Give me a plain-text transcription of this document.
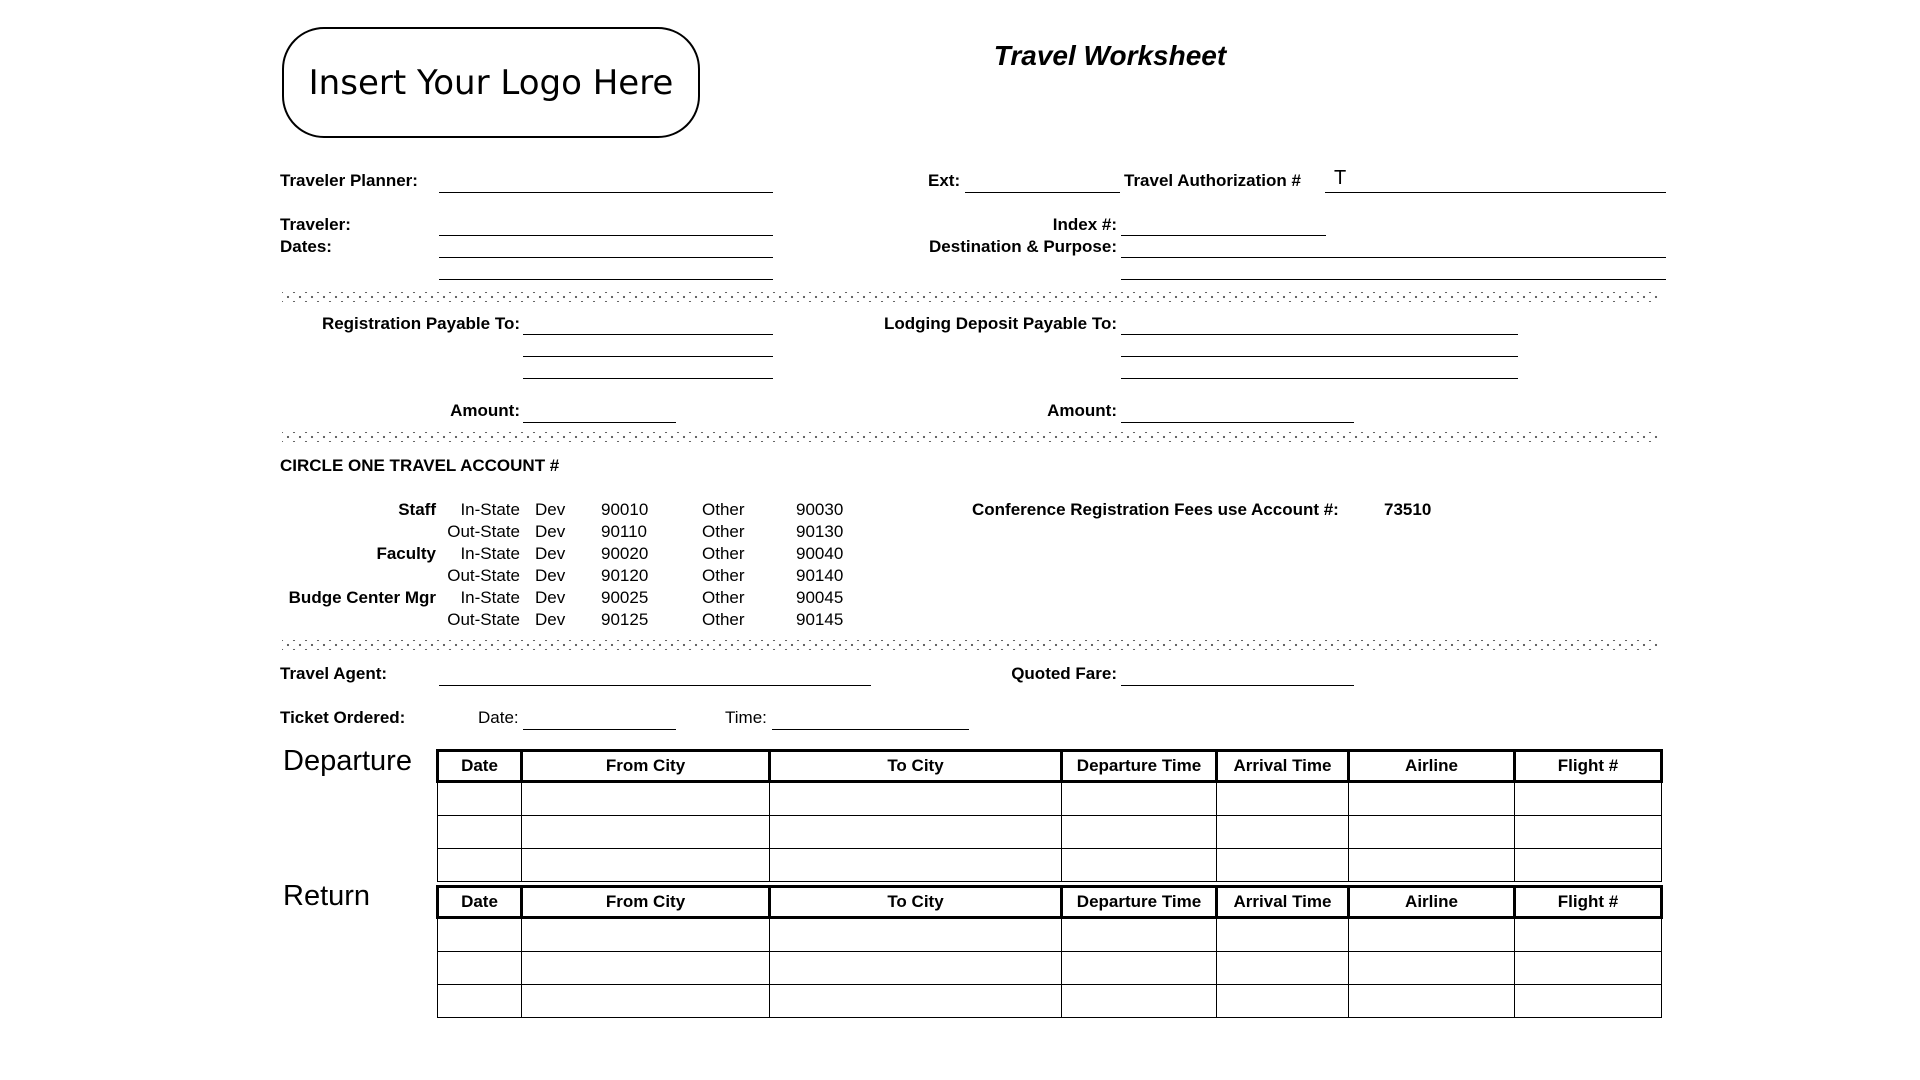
Insert Your Logo Here
Travel Worksheet
Traveler Planner:	Ext:	Travel Authorization # T
Traveler:	Index #:
Dates:	Destination & Purpose:
Registration Payable To:	Lodging Deposit Payable To:
Amount:	Amount:
CIRCLE ONE TRAVEL ACCOUNT #
Staff	In-State Dev	90010	Other	90030
Out-State Dev	90110	Other	90130
Faculty	In-State Dev	90020	Other	90040
Out-State Dev	90120	Other	90140
Budge Center Mgr	In-State Dev	90025	Other	90045
Out-State Dev	90125	Other	90145
Conference Registration Fees use Account #:	73510
Travel Agent:	Quoted Fare:
Ticket Ordered:	Date:	Time:
Departure	Date	From City	To City	Departure Time	Arrival Time	Airline	Flight #

Return	Date	From City	To City	Departure Time	Arrival Time	Airline	Flight #
